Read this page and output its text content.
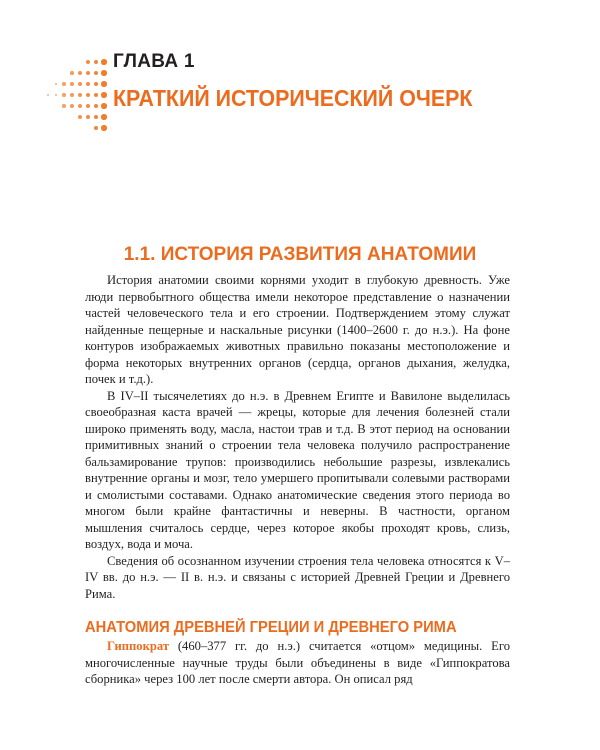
ГЛАВА 1
КРАТКИЙ ИСТОРИЧЕСКИЙ ОЧЕРК
1.1. ИСТОРИЯ РАЗВИТИЯ АНАТОМИИ

История анатомии своими корнями уходит в глубокую древность. Уже люди первобытного общества имели некоторое представление о назначении частей человеческого тела и его строении. Подтверждением этому служат найденные пещерные и наскальные рисунки (1400–2600 г. до н.э.). На фоне контуров изображаемых животных правильно показаны местоположение и форма некоторых внутренних органов (сердца, органов дыхания, желудка, почек и т.д.).

В IV–II тысячелетиях до н.э. в Древнем Египте и Вавилоне выделилась своеобразная каста врачей — жрецы, которые для лечения болезней стали широко применять воду, масла, настои трав и т.д. В этот период на основании примитивных знаний о строении тела человека получило распространение бальзамирование трупов: производились небольшие разрезы, извлекались внутренние органы и мозг, тело умершего пропитывали солевыми растворами и смолистыми составами. Однако анатомические сведения этого периода во многом были крайне фантастичны и неверны. В частности, органом мышления считалось сердце, через которое якобы проходят кровь, слизь, воздух, вода и моча.

Сведения об осознанном изучении строения тела человека относятся к V–IV вв. до н.э. — II в. н.э. и связаны с историей Древней Греции и Древнего Рима.

АНАТОМИЯ ДРЕВНЕЙ ГРЕЦИИ И ДРЕВНЕГО РИМА

Гиппократ (460–377 гг. до н.э.) считается «отцом» медицины. Его многочисленные научные труды были объединены в виде «Гиппократова сборника» через 100 лет после смерти автора. Он описал ряд
